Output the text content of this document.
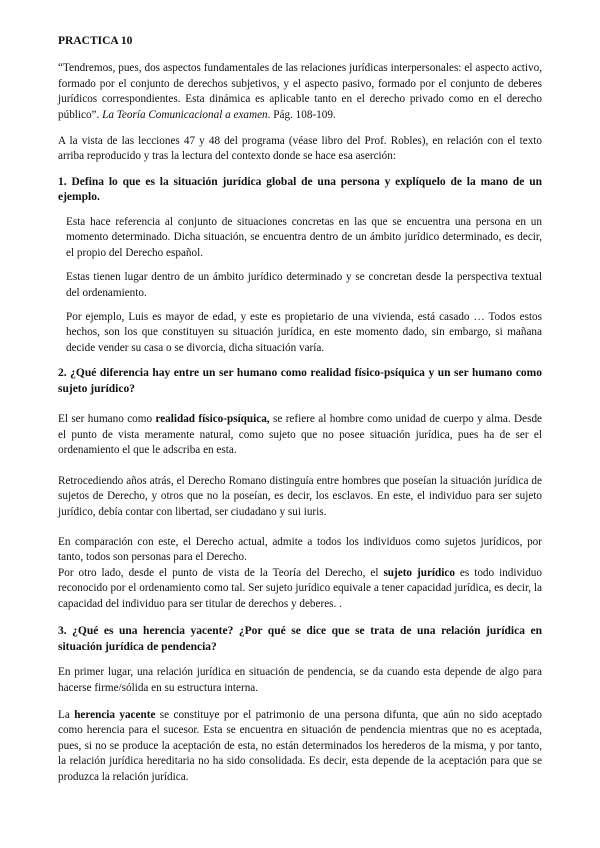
PRACTICA 10

“Tendremos, pues, dos aspectos fundamentales de las relaciones jurídicas interpersonales: el aspecto activo, formado por el conjunto de derechos subjetivos, y el aspecto pasivo, formado por el conjunto de deberes jurídicos correspondientes. Esta dinámica es aplicable tanto en el derecho privado como en el derecho público”. La Teoría Comunicacional a examen. Pág. 108-109.

A la vista de las lecciones 47 y 48 del programa (véase libro del Prof. Robles), en relación con el texto arriba reproducido y tras la lectura del contexto donde se hace esa aserción:

1. Defina lo que es la situación jurídica global de una persona y explíquelo de la mano de un ejemplo.

Esta hace referencia al conjunto de situaciones concretas en las que se encuentra una persona en un momento determinado. Dicha situación, se encuentra dentro de un ámbito jurídico determinado, es decir, el propio del Derecho español.

Estas tienen lugar dentro de un ámbito jurídico determinado y se concretan desde la perspectiva textual del ordenamiento.

Por ejemplo, Luis es mayor de edad, y este es propietario de una vivienda, está casado … Todos estos hechos, son los que constituyen su situación jurídica, en este momento dado, sin embargo, si mañana decide vender su casa o se divorcia, dicha situación varía.

2. ¿Qué diferencia hay entre un ser humano como realidad físico-psíquica y un ser humano como sujeto jurídico?

El ser humano como realidad físico-psíquica, se refiere al hombre como unidad de cuerpo y alma. Desde el punto de vista meramente natural, como sujeto que no posee situación jurídica, pues ha de ser el ordenamiento el que le adscriba en esta.

Retrocediendo años atrás, el Derecho Romano distinguía entre hombres que poseían la situación jurídica de sujetos de Derecho, y otros que no la poseían, es decir, los esclavos. En este, el individuo para ser sujeto jurídico, debía contar con libertad, ser ciudadano y sui iuris.

En comparación con este, el Derecho actual, admite a todos los individuos como sujetos jurídicos, por tanto, todos son personas para el Derecho.

Por otro lado, desde el punto de vista de la Teoría del Derecho, el sujeto jurídico es todo individuo reconocido por el ordenamiento como tal. Ser sujeto jurídico equivale a tener capacidad jurídica, es decir, la capacidad del individuo para ser titular de derechos y deberes. .

3. ¿Qué es una herencia yacente? ¿Por qué se dice que se trata de una relación jurídica en situación jurídica de pendencia?

En primer lugar, una relación jurídica en situación de pendencia, se da cuando esta depende de algo para hacerse firme/sólida en su estructura interna.

La herencia yacente se constituye por el patrimonio de una persona difunta, que aún no sido aceptado como herencia para el sucesor. Esta se encuentra en situación de pendencia mientras que no es aceptada, pues, si no se produce la aceptación de esta, no están determinados los herederos de la misma, y por tanto, la relación jurídica hereditaria no ha sido consolidada. Es decir, esta depende de la aceptación para que se produzca la relación jurídica.
